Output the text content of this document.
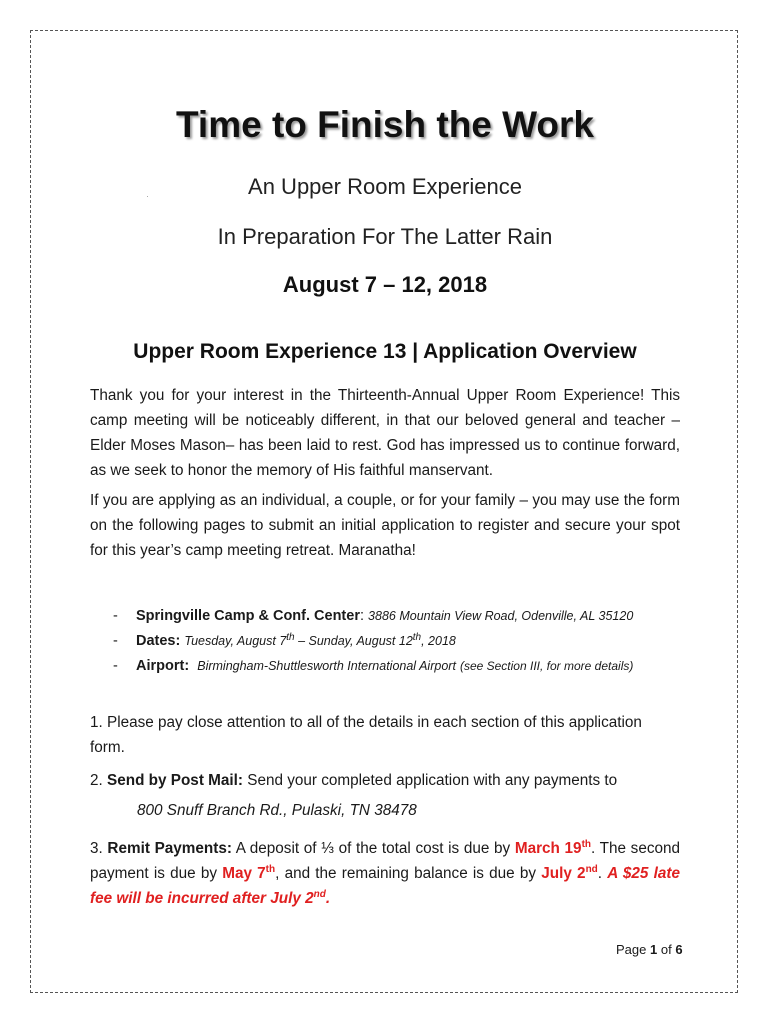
Time to Finish the Work
An Upper Room Experience
In Preparation For The Latter Rain
August 7 – 12, 2018
Upper Room Experience 13 | Application Overview
Thank you for your interest in the Thirteenth-Annual Upper Room Experience! This camp meeting will be noticeably different, in that our beloved general and teacher –Elder Moses Mason– has been laid to rest. God has impressed us to continue forward, as we seek to honor the memory of His faithful manservant.
If you are applying as an individual, a couple, or for your family – you may use the form on the following pages to submit an initial application to register and secure your spot for this year’s camp meeting retreat. Maranatha!
- Springville Camp & Conf. Center: 3886 Mountain View Road, Odenville, AL 35120
- Dates: Tuesday, August 7th – Sunday, August 12th, 2018
- Airport: Birmingham-Shuttlesworth International Airport (see Section III, for more details)
1. Please pay close attention to all of the details in each section of this application form.
2. Send by Post Mail: Send your completed application with any payments to
800 Snuff Branch Rd., Pulaski, TN 38478
3. Remit Payments: A deposit of ⅓ of the total cost is due by March 19th. The second payment is due by May 7th, and the remaining balance is due by July 2nd. A $25 late fee will be incurred after July 2nd.
Page 1 of 6
